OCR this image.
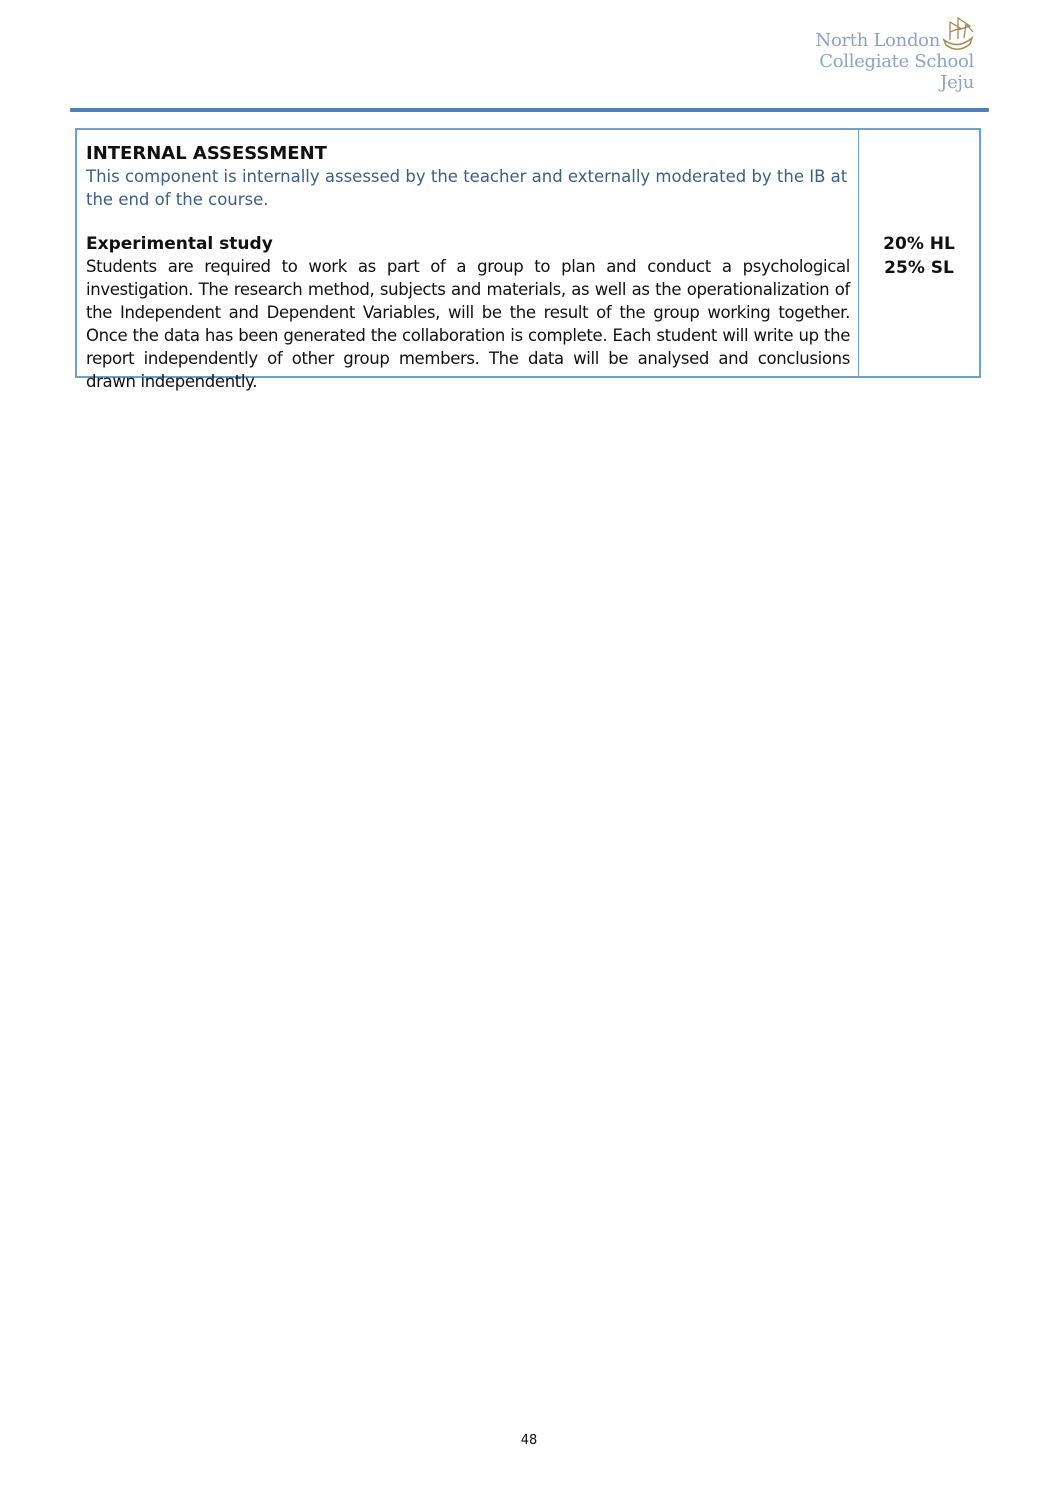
North London
Collegiate School
Jeju
INTERNAL ASSESSMENT

This component is internally assessed by the teacher and externally moderated by the IB at the end of the course.

Experimental study

Students are required to work as part of a group to plan and conduct a psychological investigation. The research method, subjects and materials, as well as the operationalization of the Independent and Dependent Variables, will be the result of the group working together. Once the data has been generated the collaboration is complete. Each student will write up the report independently of other group members. The data will be analysed and conclusions drawn independently.

20% HL
25% SL
48
